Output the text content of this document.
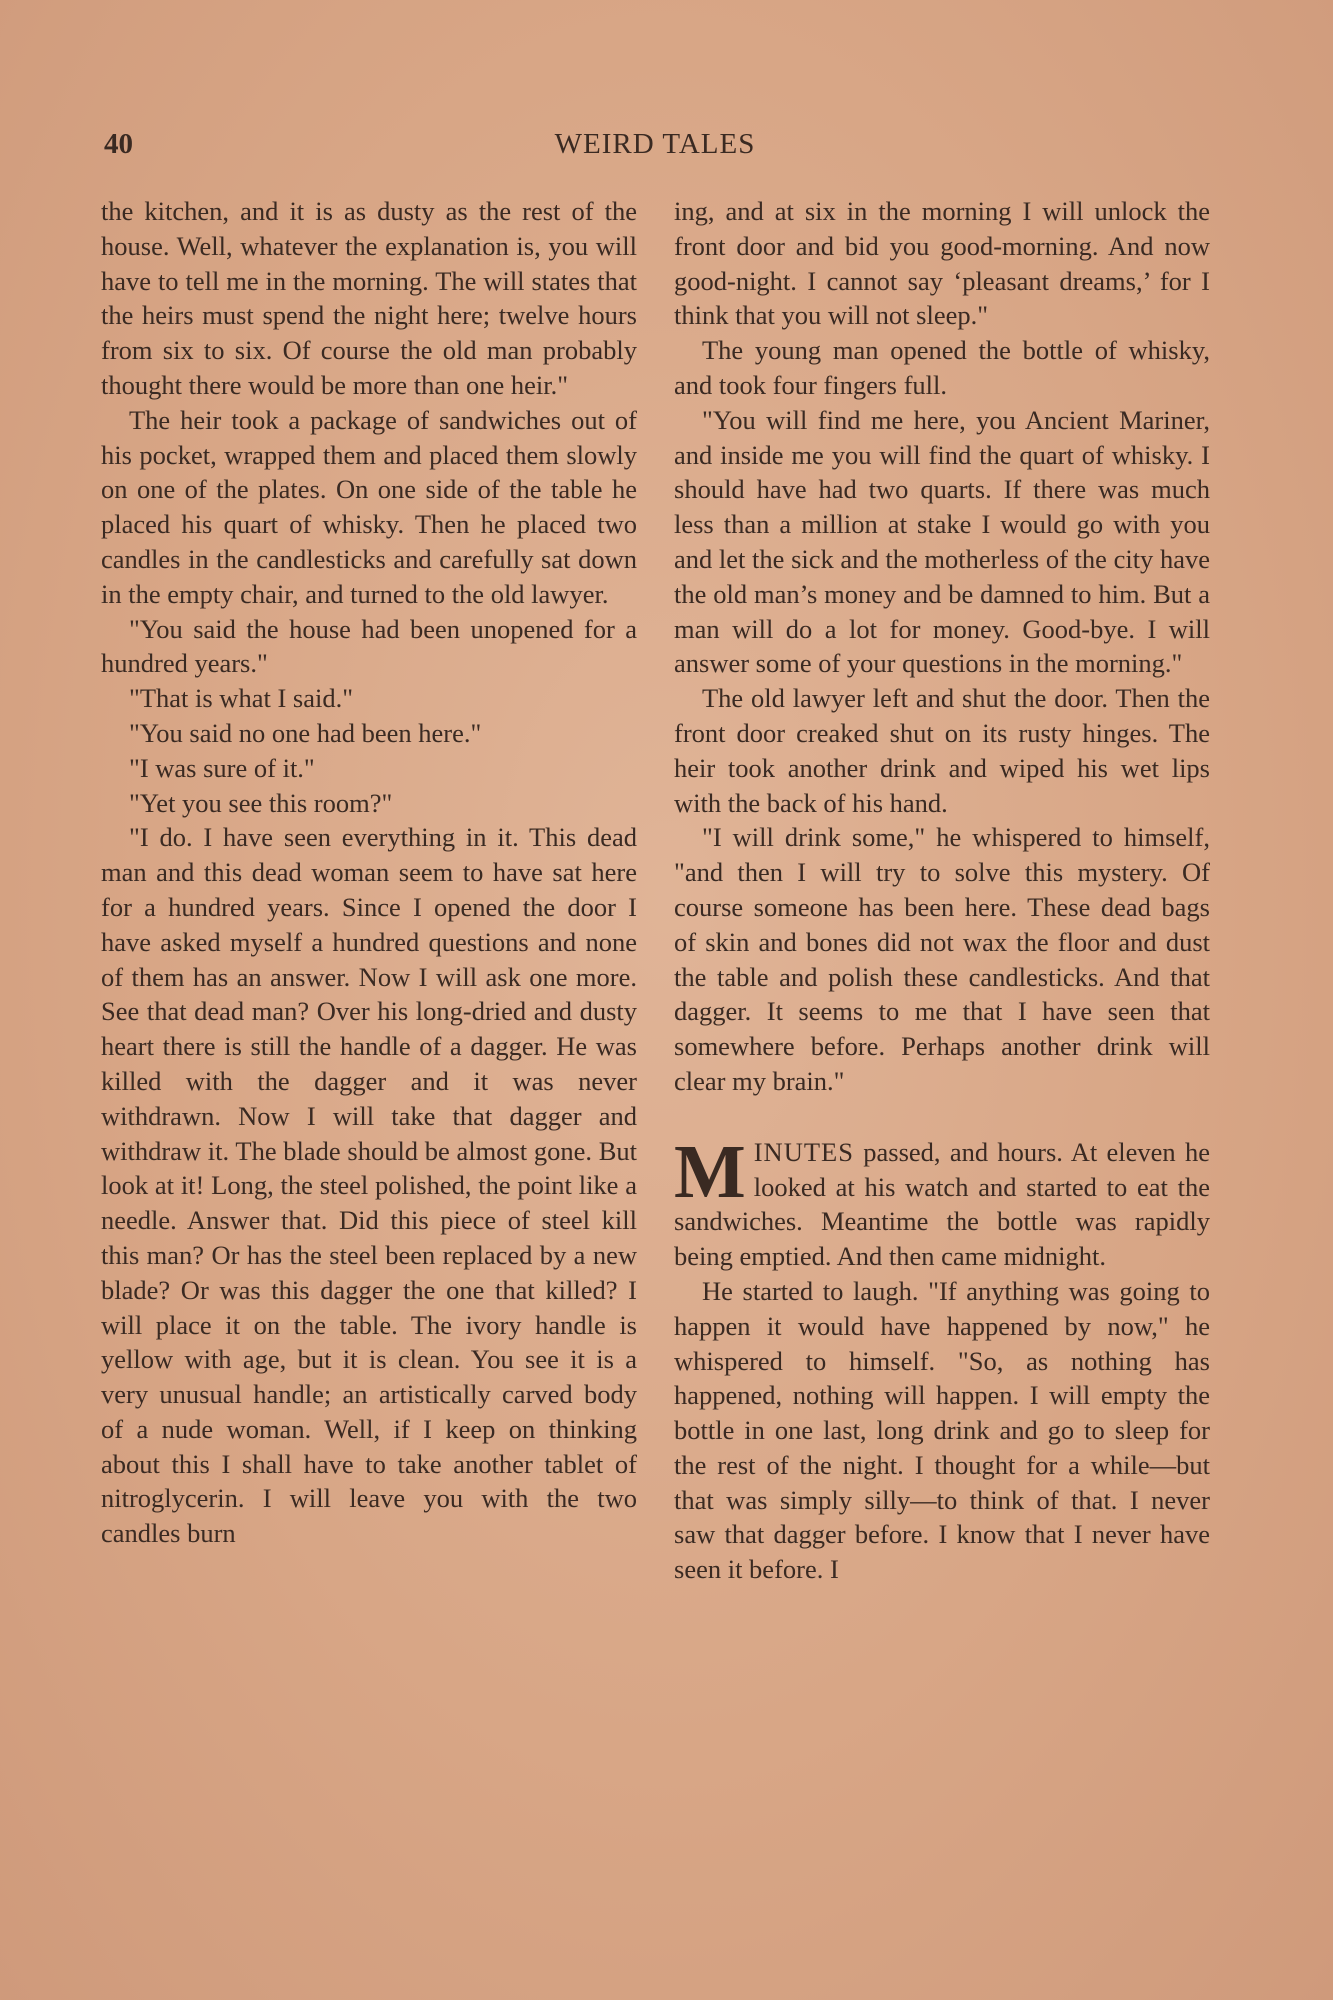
40	WEIRD TALES

the kitchen, and it is as dusty as the rest of the house. Well, whatever the explanation is, you will have to tell me in the morning. The will states that the heirs must spend the night here; twelve hours from six to six. Of course the old man probably thought there would be more than one heir."

The heir took a package of sandwiches out of his pocket, wrapped them and placed them slowly on one of the plates. On one side of the table he placed his quart of whisky. Then he placed two candles in the candlesticks and carefully sat down in the empty chair, and turned to the old lawyer.

"You said the house had been unopened for a hundred years."

"That is what I said."

"You said no one had been here."

"I was sure of it."

"Yet you see this room?"

"I do. I have seen everything in it. This dead man and this dead woman seem to have sat here for a hundred years. Since I opened the door I have asked myself a hundred questions and none of them has an answer. Now I will ask one more. See that dead man? Over his long-dried and dusty heart there is still the handle of a dagger. He was killed with the dagger and it was never withdrawn. Now I will take that dagger and withdraw it. The blade should be almost gone. But look at it! Long, the steel polished, the point like a needle. Answer that. Did this piece of steel kill this man? Or has the steel been replaced by a new blade? Or was this dagger the one that killed? I will place it on the table. The ivory handle is yellow with age, but it is clean. You see it is a very unusual handle; an artistically carved body of a nude woman. Well, if I keep on thinking about this I shall have to take another tablet of nitroglycerin. I will leave you with the two candles burn

ing, and at six in the morning I will unlock the front door and bid you good-morning. And now good-night. I cannot say ‘pleasant dreams,’ for I think that you will not sleep."

The young man opened the bottle of whisky, and took four fingers full.

"You will find me here, you Ancient Mariner, and inside me you will find the quart of whisky. I should have had two quarts. If there was much less than a million at stake I would go with you and let the sick and the motherless of the city have the old man’s money and be damned to him. But a man will do a lot for money. Good-bye. I will answer some of your questions in the morning."

The old lawyer left and shut the door. Then the front door creaked shut on its rusty hinges. The heir took another drink and wiped his wet lips with the back of his hand.

"I will drink some," he whispered to himself, "and then I will try to solve this mystery. Of course someone has been here. These dead bags of skin and bones did not wax the floor and dust the table and polish these candlesticks. And that dagger. It seems to me that I have seen that somewhere before. Perhaps another drink will clear my brain."

MINUTES passed, and hours. At eleven he looked at his watch and started to eat the sandwiches. Meantime the bottle was rapidly being emptied. And then came midnight.

He started to laugh. "If anything was going to happen it would have happened by now," he whispered to himself. "So, as nothing has happened, nothing will happen. I will empty the bottle in one last, long drink and go to sleep for the rest of the night. I thought for a while—but that was simply silly—to think of that. I never saw that dagger before. I know that I never have seen it before. I
